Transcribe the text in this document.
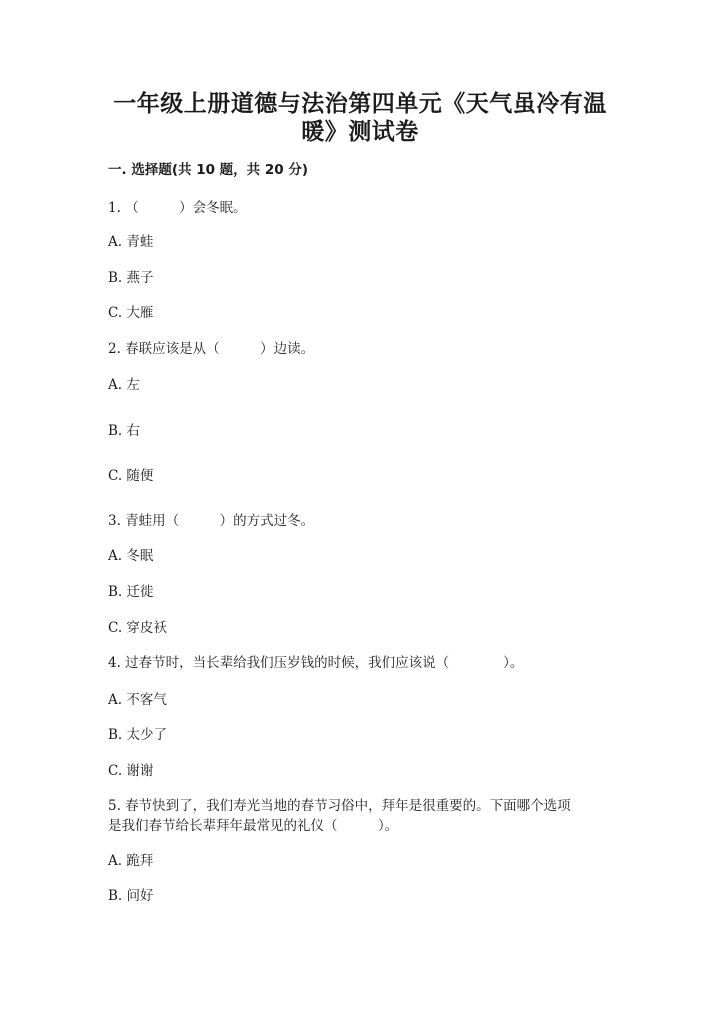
一年级上册道德与法治第四单元《天气虽冷有温
暖》测试卷
一. 选择题(共 10 题，共 20 分)
1. （　　　）会冬眠。
A. 青蛙
B. 燕子
C. 大雁
2. 春联应该是从（　　　）边读。
A. 左
B. 右
C. 随便
3. 青蛙用（　　　）的方式过冬。
A. 冬眠
B. 迁徙
C. 穿皮袄
4. 过春节时，当长辈给我们压岁钱的时候，我们应该说（　　　　）。
A. 不客气
B. 太少了
C. 谢谢
5. 春节快到了，我们寿光当地的春节习俗中，拜年是很重要的。下面哪个选项
是我们春节给长辈拜年最常见的礼仪（　　　）。
A. 跪拜
B. 问好
